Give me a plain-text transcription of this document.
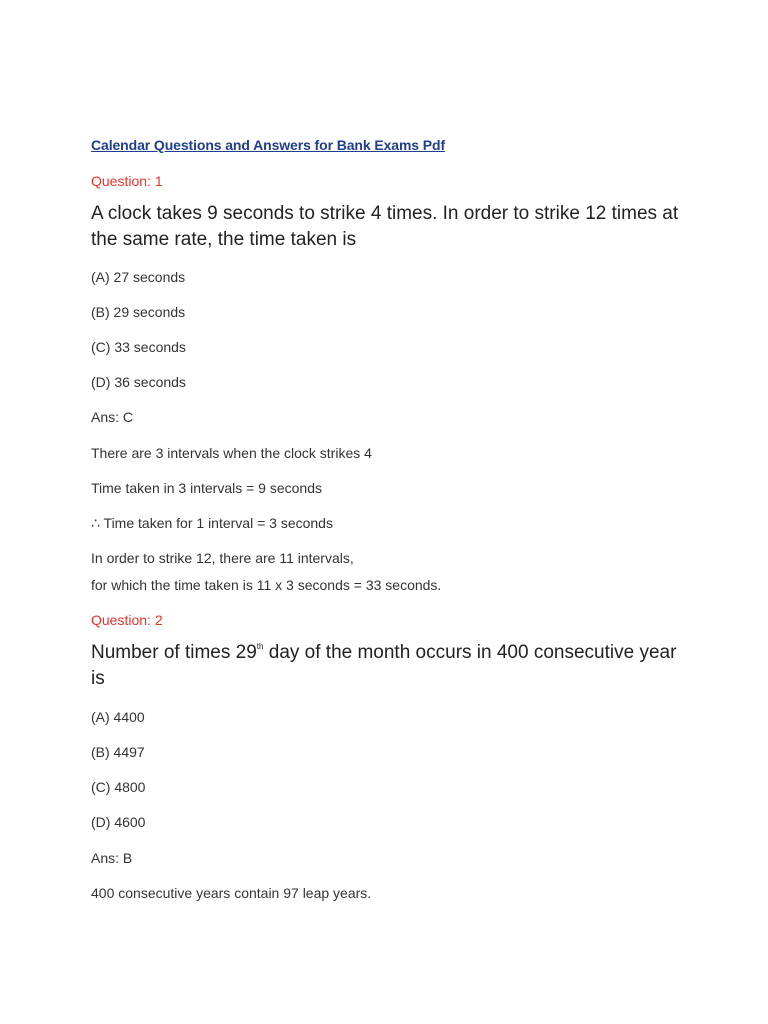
Calendar Questions and Answers for Bank Exams Pdf
Question: 1
A clock takes 9 seconds to strike 4 times. In order to strike 12 times at the same rate, the time taken is
(A) 27 seconds
(B) 29 seconds
(C) 33 seconds
(D) 36 seconds
Ans: C
There are 3 intervals when the clock strikes 4
Time taken in 3 intervals = 9 seconds
∴ Time taken for 1 interval = 3 seconds
In order to strike 12, there are 11 intervals,
for which the time taken is 11 x 3 seconds = 33 seconds.
Question: 2
Number of times 29th day of the month occurs in 400 consecutive year is
(A) 4400
(B) 4497
(C) 4800
(D) 4600
Ans: B
400 consecutive years contain 97 leap years.
